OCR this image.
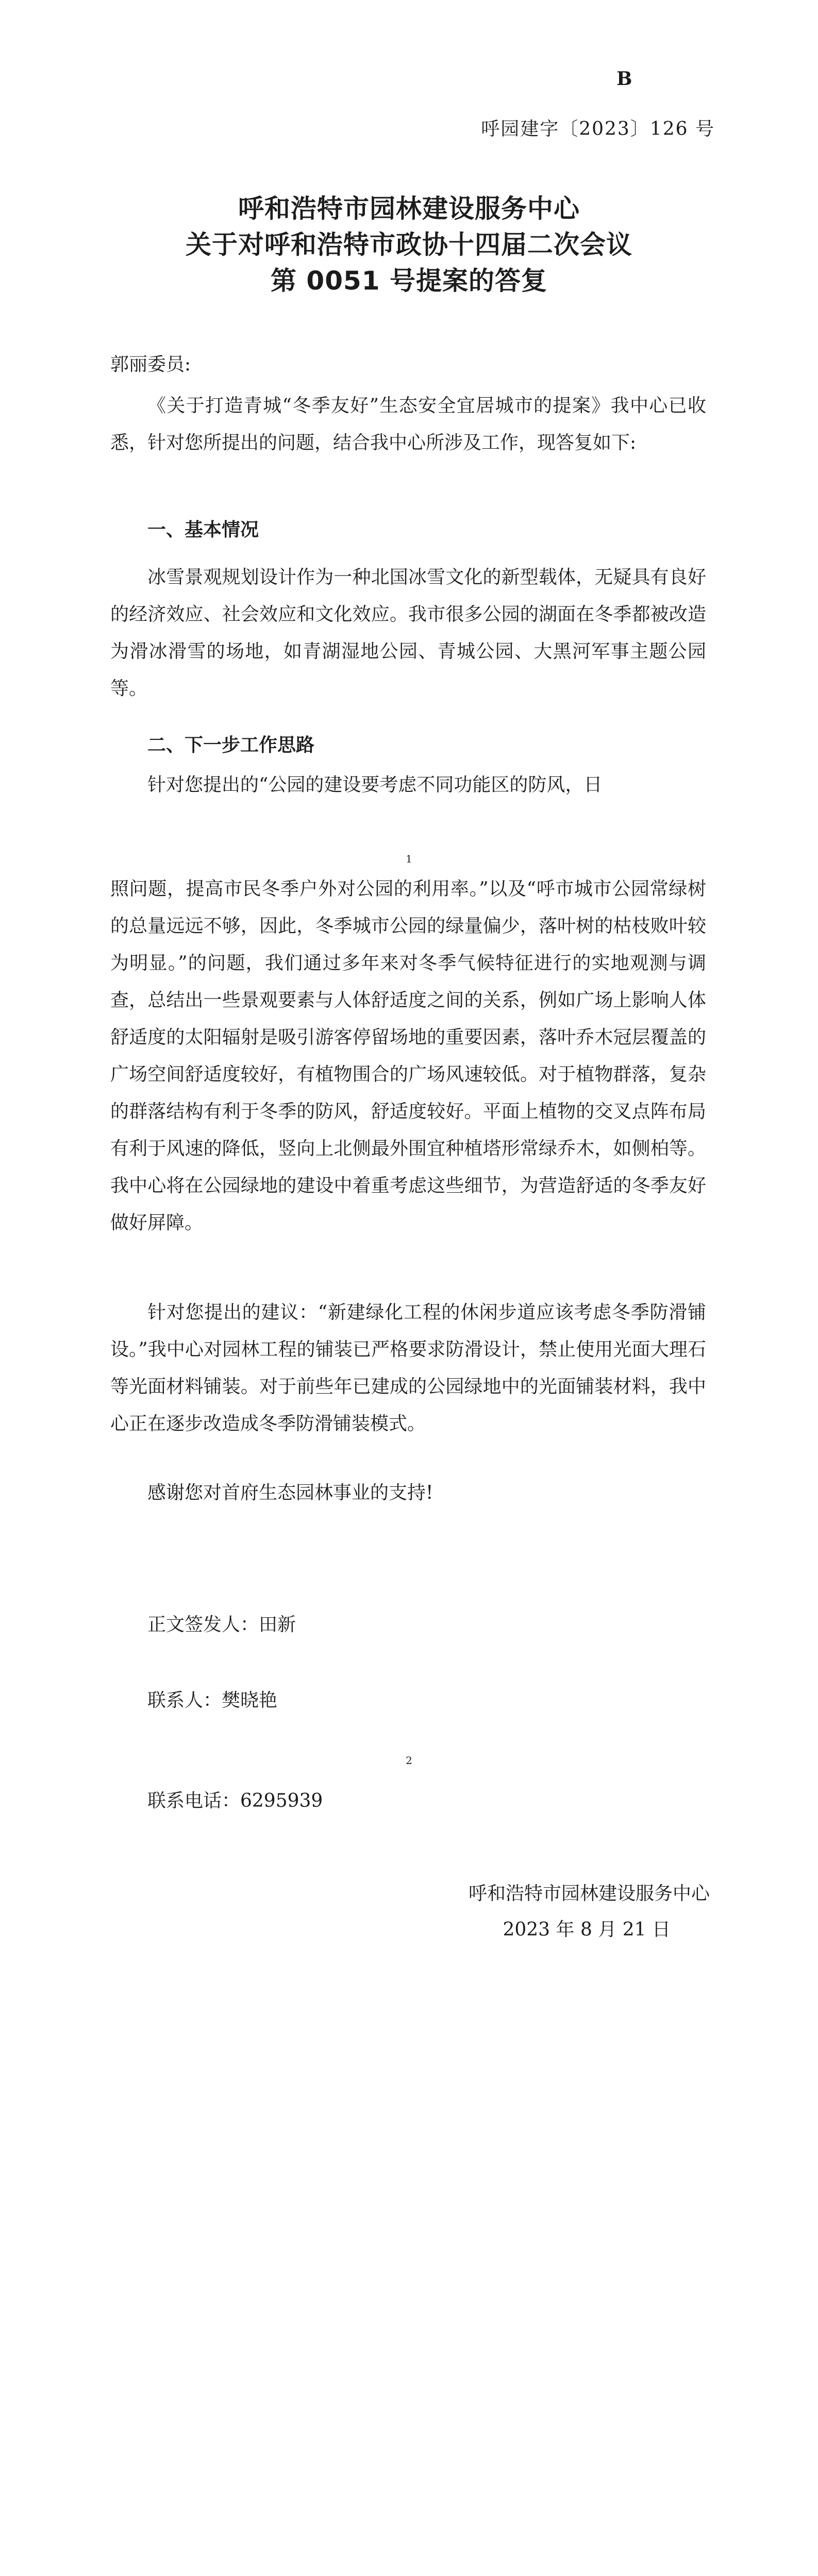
B
呼园建字〔2023〕126 号
呼和浩特市园林建设服务中心
关于对呼和浩特市政协十四届二次会议
第 0051 号提案的答复
郭丽委员:

《关于打造青城“冬季友好”生态安全宜居城市的提案》我中心已收悉，针对您所提出的问题，结合我中心所涉及工作，现答复如下:

一、基本情况

冰雪景观规划设计作为一种北国冰雪文化的新型载体，无疑具有良好的经济效应、社会效应和文化效应。我市很多公园的湖面在冬季都被改造为滑冰滑雪的场地，如青湖湿地公园、青城公园、大黑河军事主题公园等。

二、下一步工作思路

针对您提出的“公园的建设要考虑不同功能区的防风，日

1

照问题，提高市民冬季户外对公园的利用率。”以及“呼市城市公园常绿树的总量远远不够，因此，冬季城市公园的绿量偏少，落叶树的枯枝败叶较为明显。”的问题，我们通过多年来对冬季气候特征进行的实地观测与调查，总结出一些景观要素与人体舒适度之间的关系，例如广场上影响人体舒适度的太阳辐射是吸引游客停留场地的重要因素，落叶乔木冠层覆盖的广场空间舒适度较好，有植物围合的广场风速较低。对于植物群落，复杂的群落结构有利于冬季的防风，舒适度较好。平面上植物的交叉点阵布局有利于风速的降低，竖向上北侧最外围宜种植塔形常绿乔木，如侧柏等。我中心将在公园绿地的建设中着重考虑这些细节，为营造舒适的冬季友好做好屏障。

针对您提出的建议：“新建绿化工程的休闲步道应该考虑冬季防滑铺设。”我中心对园林工程的铺装已严格要求防滑设计，禁止使用光面大理石等光面材料铺装。对于前些年已建成的公园绿地中的光面铺装材料，我中心正在逐步改造成冬季防滑铺装模式。

感谢您对首府生态园林事业的支持!

正文签发人：田新
联系人：樊晓艳
2
联系电话：6295939
呼和浩特市园林建设服务中心
2023 年 8 月 21 日
